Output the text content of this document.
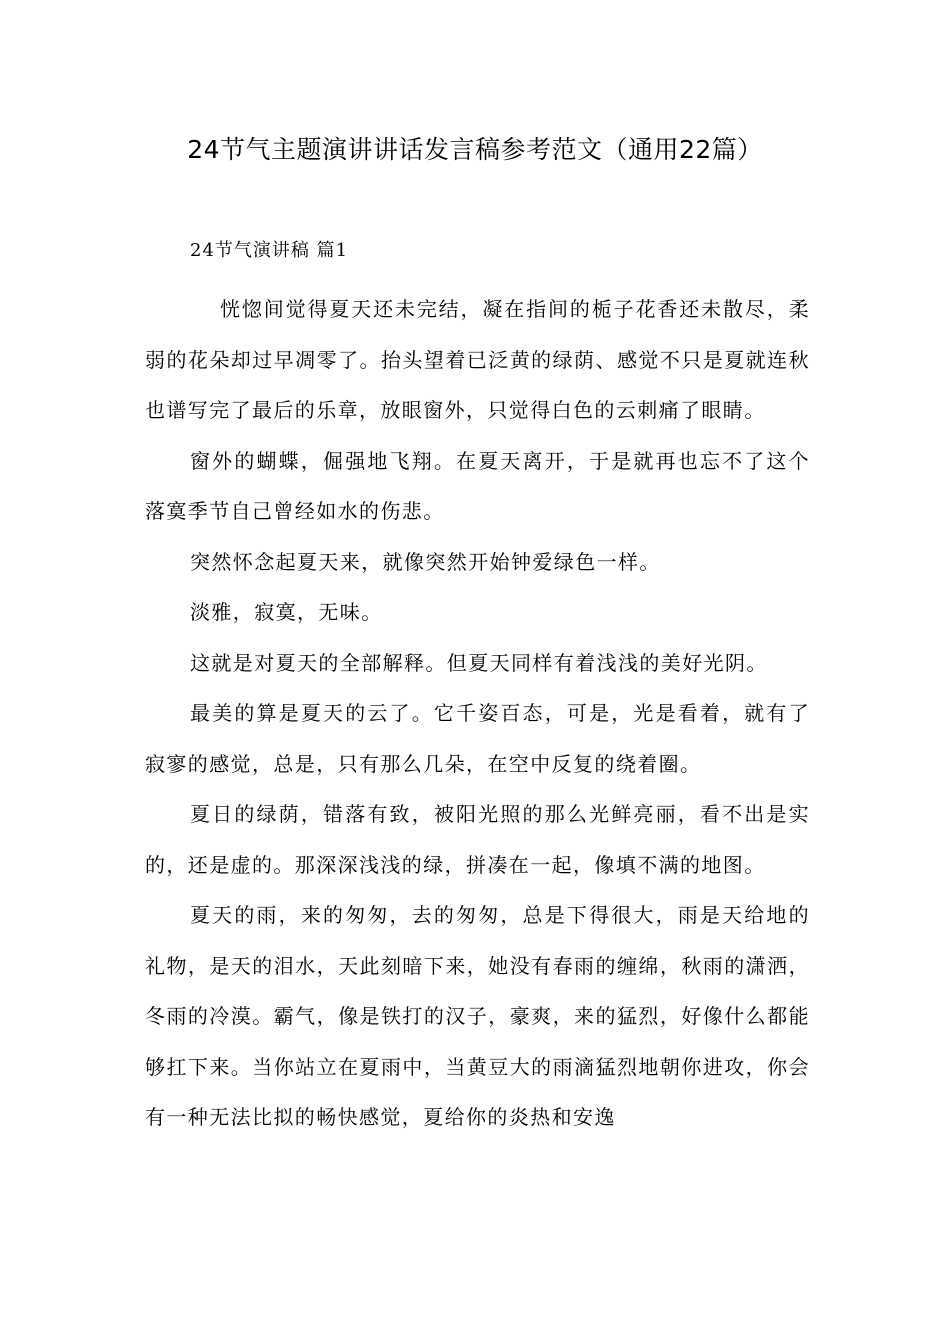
24节气主题演讲讲话发言稿参考范文（通用22篇）
24节气演讲稿 篇1

恍惚间觉得夏天还未完结，凝在指间的栀子花香还未散尽，柔弱的花朵却过早凋零了。抬头望着已泛黄的绿荫、感觉不只是夏就连秋也谱写完了最后的乐章，放眼窗外，只觉得白色的云刺痛了眼睛。

窗外的蝴蝶，倔强地飞翔。在夏天离开，于是就再也忘不了这个落寞季节自己曾经如水的伤悲。

突然怀念起夏天来，就像突然开始钟爱绿色一样。

淡雅，寂寞，无味。

这就是对夏天的全部解释。但夏天同样有着浅浅的美好光阴。

最美的算是夏天的云了。它千姿百态，可是，光是看着，就有了寂寥的感觉，总是，只有那么几朵，在空中反复的绕着圈。

夏日的绿荫，错落有致，被阳光照的那么光鲜亮丽，看不出是实的，还是虚的。那深深浅浅的绿，拼凑在一起，像填不满的地图。

夏天的雨，来的匆匆，去的匆匆，总是下得很大，雨是天给地的礼物，是天的泪水，天此刻暗下来，她没有春雨的缠绵，秋雨的潇洒，冬雨的冷漠。霸气，像是铁打的汉子，豪爽，来的猛烈，好像什么都能够扛下来。当你站立在夏雨中，当黄豆大的雨滴猛烈地朝你进攻，你会有一种无法比拟的畅快感觉，夏给你的炎热和安逸
